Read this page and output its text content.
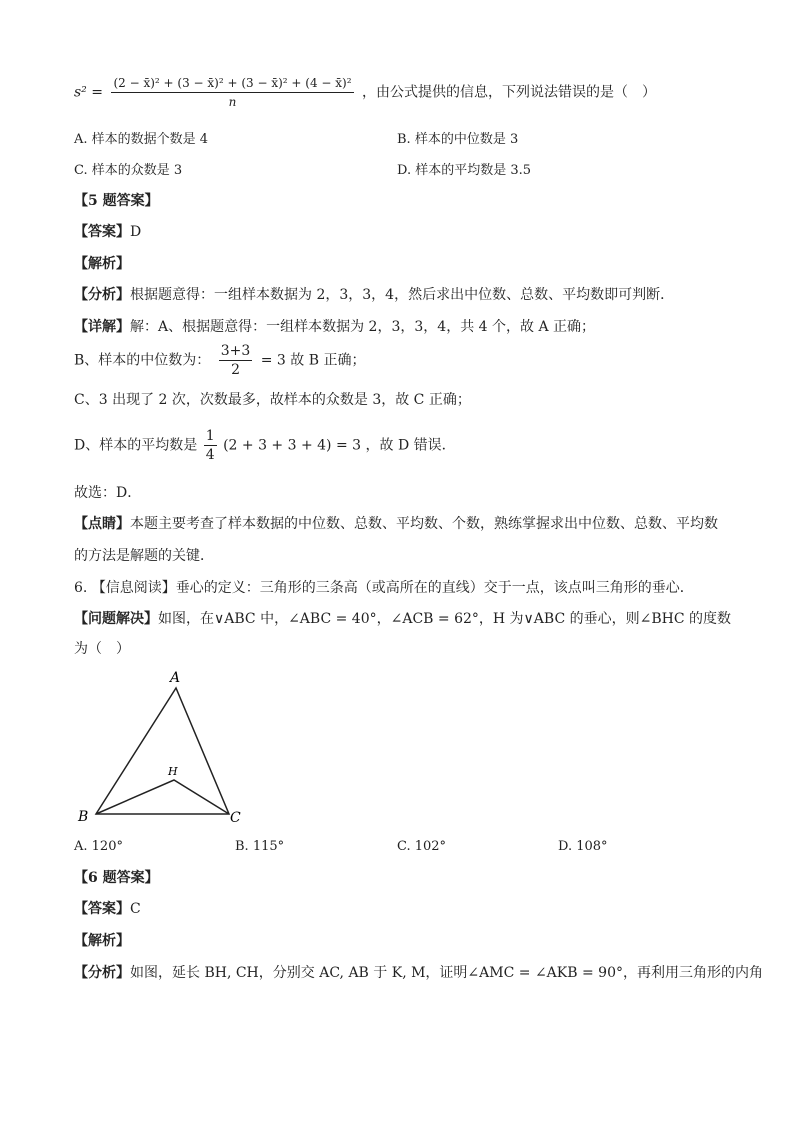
$s^2 = \frac{\text{(2 − x̄)² + (3 − x̄)² + (3 − x̄)² + (4 − x̄)²}}{n}$ ，由公式提供的信息，下列说法错误的是（　）
A. 样本的数据个数是 4	B. 样本的中位数是 3
C. 样本的众数是 3	D. 样本的平均数是 3.5
【5 题答案】
【答案】D
【解析】
【分析】根据题意得：一组样本数据为 2，3，3，4，然后求出中位数、总数、平均数即可判断．
【详解】解：A、根据题意得：一组样本数据为 2，3，3，4，共 4 个，故 A 正确；
B、样本的中位数为： $\frac{3+3}{2} = 3$ 故 B 正确；
C、3 出现了 2 次，次数最多，故样本的众数是 3，故 C 正确；
D、样本的平均数是 $\frac{1}{4} (2 + 3 + 3 + 4) = 3$ ，故 D 错误．
故选：D．
【点睛】本题主要考查了样本数据的中位数、总数、平均数、个数，熟练掌握求出中位数、总数、平均数
的方法是解题的关键．
6. 【信息阅读】垂心的定义：三角形的三条高（或高所在的直线）交于一点，该点叫三角形的垂心．
【问题解决】如图，在∨ABC 中，∠ABC = 40°，∠ACB = 62°，H 为∨ABC 的垂心，则∠BHC 的度数
为（　）
A
H
B	C
A. 120°	B. 115°	C. 102°	D. 108°
【6 题答案】
【答案】C
【解析】
【分析】如图，延长 BH, CH，分别交 AC, AB 于 K, M，证明∠AMC = ∠AKB = 90°，再利用三角形的内角
